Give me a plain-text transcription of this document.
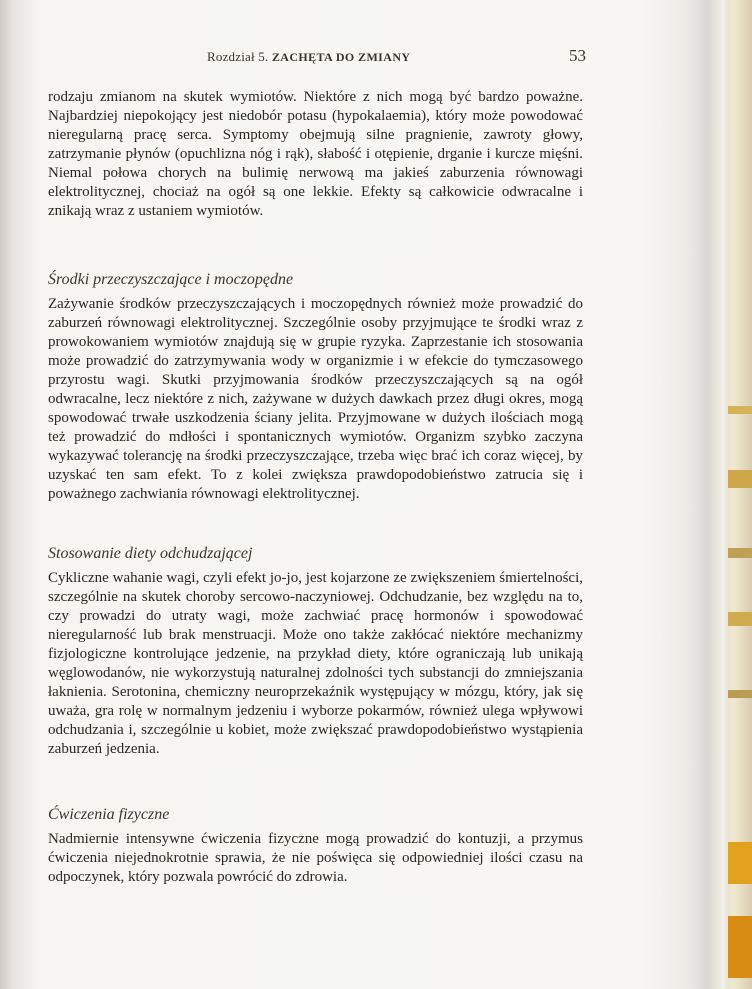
Rozdział 5. ZACHĘTA DO ZMIANY	53

rodzaju zmianom na skutek wymiotów. Niektóre z nich mogą być bardzo poważne. Najbardziej niepokojący jest niedobór potasu (hypokalaemia), który może powodować nieregularną pracę serca. Symptomy obejmują silne pragnienie, zawroty głowy, zatrzymanie płynów (opuchlizna nóg i rąk), słabość i otępienie, drganie i kurcze mięśni. Niemal połowa chorych na bulimię nerwową ma jakieś zaburzenia równowagi elektrolitycznej, chociaż na ogół są one lekkie. Efekty są całkowicie odwracalne i znikają wraz z ustaniem wymiotów.

Środki przeczyszczające i moczopędne

Zażywanie środków przeczyszczających i moczopędnych również może prowadzić do zaburzeń równowagi elektrolitycznej. Szczególnie osoby przyjmujące te środki wraz z prowokowaniem wymiotów znajdują się w grupie ryzyka. Zaprzestanie ich stosowania może prowadzić do zatrzymywania wody w organizmie i w efekcie do tymczasowego przyrostu wagi. Skutki przyjmowania środków przeczyszczających są na ogół odwracalne, lecz niektóre z nich, zażywane w dużych dawkach przez długi okres, mogą spowodować trwałe uszkodzenia ściany jelita. Przyjmowane w dużych ilościach mogą też prowadzić do mdłości i spontanicznych wymiotów. Organizm szybko zaczyna wykazywać tolerancję na środki przeczyszczające, trzeba więc brać ich coraz więcej, by uzyskać ten sam efekt. To z kolei zwiększa prawdopodobieństwo zatrucia się i poważnego zachwiania równowagi elektrolitycznej.

Stosowanie diety odchudzającej

Cykliczne wahanie wagi, czyli efekt jo-jo, jest kojarzone ze zwiększeniem śmiertelności, szczególnie na skutek choroby sercowo-naczyniowej. Odchudzanie, bez względu na to, czy prowadzi do utraty wagi, może zachwiać pracę hormonów i spowodować nieregularność lub brak menstruacji. Może ono także zakłócać niektóre mechanizmy fizjologiczne kontrolujące jedzenie, na przykład diety, które ograniczają lub unikają węglowodanów, nie wykorzystują naturalnej zdolności tych substancji do zmniejszania łaknienia. Serotonina, chemiczny neuroprzekaźnik występujący w mózgu, który, jak się uważa, gra rolę w normalnym jedzeniu i wyborze pokarmów, również ulega wpływowi odchudzania i, szczególnie u kobiet, może zwiększać prawdopodobieństwo wystąpienia zaburzeń jedzenia.

Ćwiczenia fizyczne

Nadmiernie intensywne ćwiczenia fizyczne mogą prowadzić do kontuzji, a przymus ćwiczenia niejednokrotnie sprawia, że nie poświęca się odpowiedniej ilości czasu na odpoczynek, który pozwala powrócić do zdrowia.
